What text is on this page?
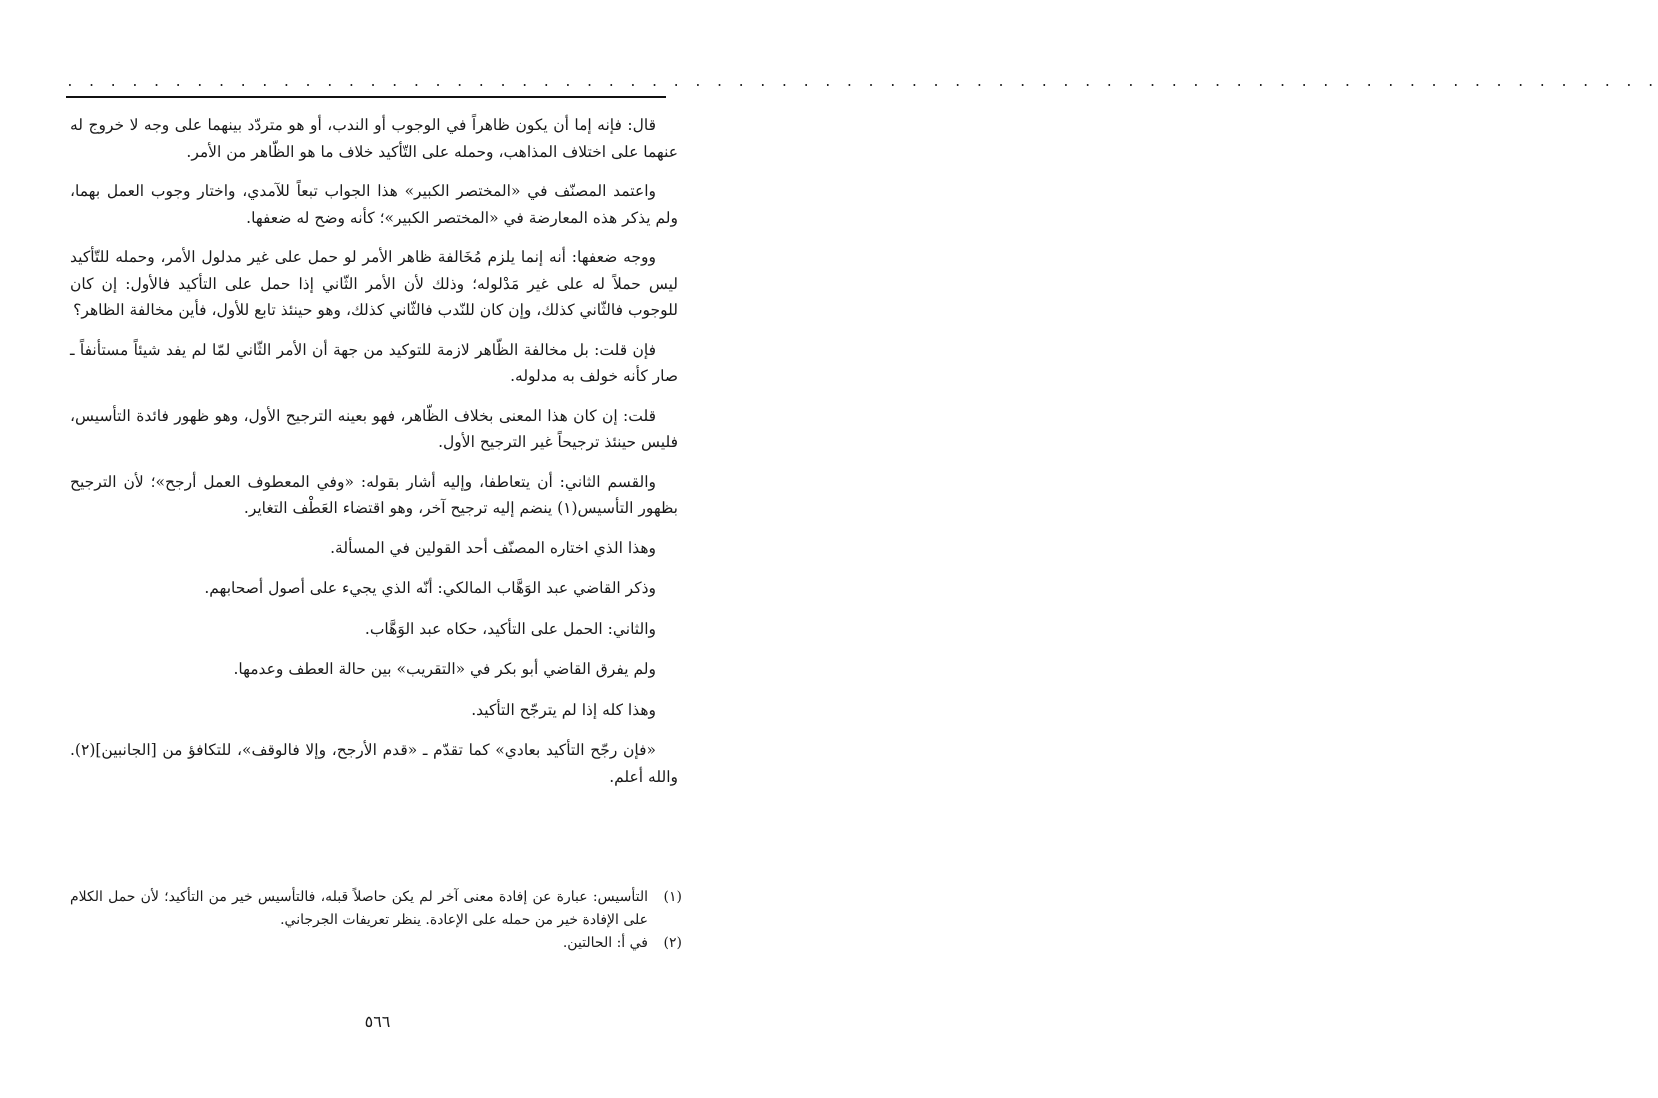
. . . . . . . . . . . . . . . . . . . . . . . . . . . . . . . . . . . . . . . . . . . . . . . . . . . . . . . . . . . . . . . . . . . . . . . . . .

قال: فإنه إما أن يكون ظاهراً في الوجوب أو الندب، أو هو متردّد بينهما على وجه لا خروج له عنهما على اختلاف المذاهب، وحمله على التّأكيد خلاف ما هو الظّاهر من الأمر.

واعتمد المصنّف في «المختصر الكبير» هذا الجواب تبعاً للآمدي، واختار وجوب العمل بهما، ولم يذكر هذه المعارضة في «المختصر الكبير»؛ كأنه وضح له ضعفها.

ووجه ضعفها: أنه إنما يلزم مُخَالفة ظاهر الأمر لو حمل على غير مدلول الأمر، وحمله للتّأكيد ليس حملاً له على غير مَدْلوله؛ وذلك لأن الأمر الثّاني إذا حمل على التأكيد فالأول: إن كان للوجوب فالثّاني كذلك، وإن كان للنّدب فالثّاني كذلك، وهو حينئذ تابع للأول، فأين مخالفة الظاهر؟

فإن قلت: بل مخالفة الظّاهر لازمة للتوكيد من جهة أن الأمر الثّاني لمّا لم يفد شيئاً مستأنفاً ـ صار كأنه خولف به مدلوله.

قلت: إن كان هذا المعنى بخلاف الظّاهر، فهو بعينه الترجيح الأول، وهو ظهور فائدة التأسيس، فليس حينئذ ترجيحاً غير الترجيح الأول.

والقسم الثاني: أن يتعاطفا، وإليه أشار بقوله: «وفي المعطوف العمل أرجح»؛ لأن الترجيح بظهور التأسيس(١) ينضم إليه ترجيح آخر، وهو اقتضاء العَطْف التغاير.

وهذا الذي اختاره المصنّف أحد القولين في المسألة.

وذكر القاضي عبد الوَهَّاب المالكي: أنّه الذي يجيء على أصول أصحابهم.

والثاني: الحمل على التأكيد، حكاه عبد الوَهَّاب.

ولم يفرق القاضي أبو بكر في «التقريب» بين حالة العطف وعدمها.

وهذا كله إذا لم يترجّح التأكيد.

«فإن رجّح التأكيد بعادي» كما تقدّم ـ «قدم الأرجح، وإلا فالوقف»، للتكافؤ من [الجانبين](٢). والله أعلم.

(١)
التأسيس: عبارة عن إفادة معنى آخر لم يكن حاصلاً قبله، فالتأسيس خير من التأكيد؛ لأن حمل الكلام على الإفادة خير من حمله على الإعادة. ينظر تعريفات الجرجاني.
(٢)
في أ: الحالتين.
٥٦٦
